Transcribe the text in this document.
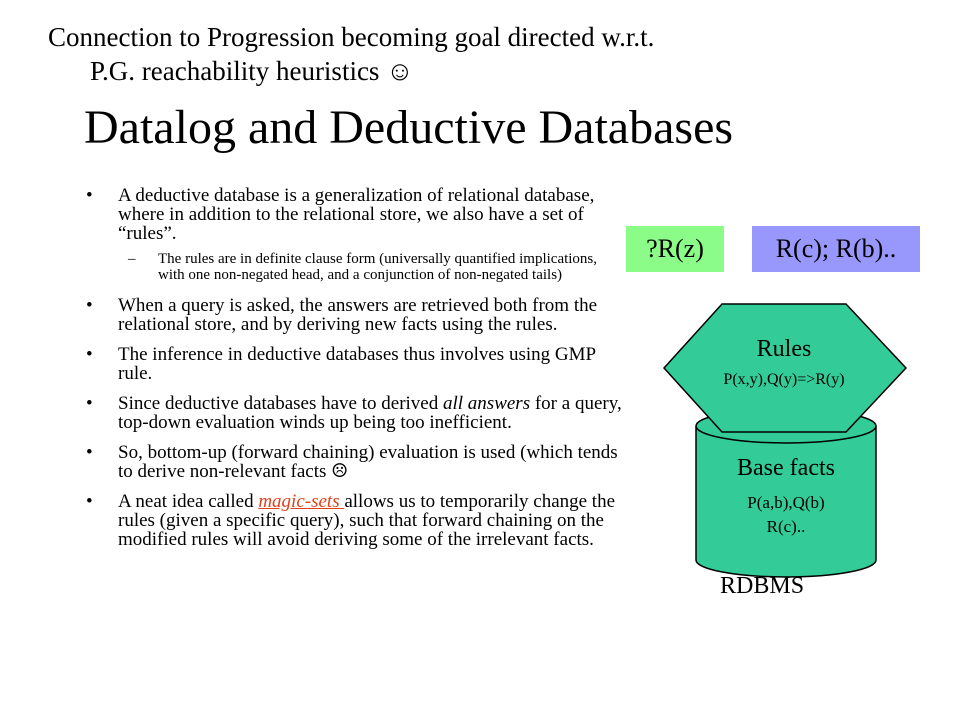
Connection to Progression becoming goal directed w.r.t.
P.G. reachability heuristics ☺
Datalog and Deductive Databases
• A deductive database is a generalization of relational database, where in addition to the relational store, we also have a set of “rules”.
– The rules are in definite clause form (universally quantified implications, with one non-negated head, and a conjunction of non-negated tails)
• When a query is asked, the answers are retrieved both from the relational store, and by deriving new facts using the rules.
• The inference in deductive databases thus involves using GMP rule.
• Since deductive databases have to derived all answers for a query, top-down evaluation winds up being too inefficient.
• So, bottom-up (forward chaining) evaluation is used (which tends to derive non-relevant facts ☹
• A neat idea called magic-sets allows us to temporarily change the rules (given a specific query), such that forward chaining on the modified rules will avoid deriving some of the irrelevant facts.
?R(z)	R(c); R(b)..
Rules
P(x,y),Q(y)=>R(y)
Base facts
P(a,b),Q(b)
R(c)..
RDBMS
